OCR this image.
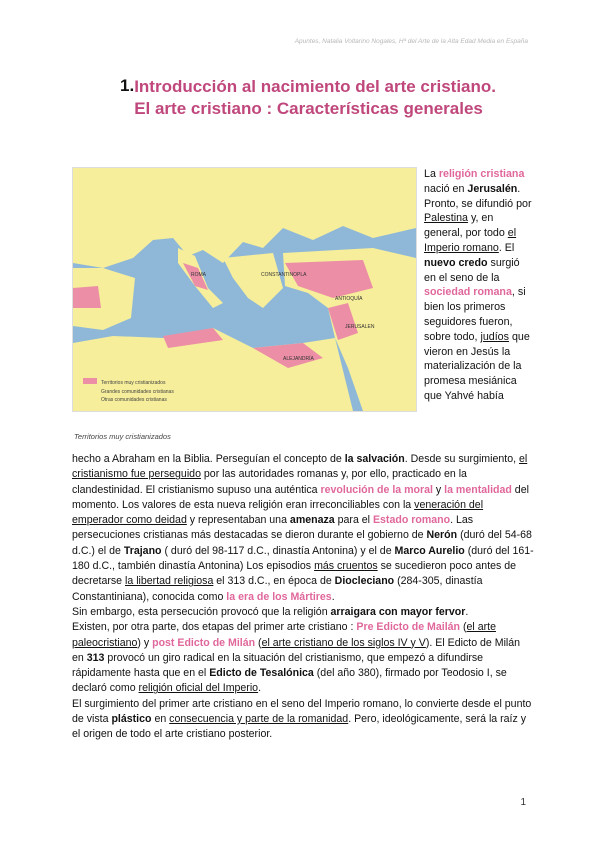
Apuntes, Natalia Voltarino Nogales, Hª del Arte de la Alta Edad Media en España
1. Introducción al nacimiento del arte cristiano. El arte cristiano : Características generales
Territorios muy cristianizados
Grandes comunidades cristianas
Otras comunidades cristianas
CONSTANTINOPLA
JERUSALEN
ALEJANDRÍA
ROMA
ANTIOQUÍA
Territorios muy cristianizados
La religión cristiana nació en Jerusalén. Pronto, se difundió por Palestina y, en general, por todo el Imperio romano. El nuevo credo surgió en el seno de la sociedad romana, si bien los primeros seguidores fueron, sobre todo, judíos que vieron en Jesús la materialización de la promesa mesiánica que Yahvé había
hecho a Abraham en la Biblia. Perseguían el concepto de la salvación. Desde su surgimiento, el cristianismo fue perseguido por las autoridades romanas y, por ello, practicado en la clandestinidad. El cristianismo supuso una auténtica revolución de la moral y la mentalidad del momento. Los valores de esta nueva religión eran irreconciliables con la veneración del emperador como deidad y representaban una amenaza para el Estado romano. Las persecuciones cristianas más destacadas se dieron durante el gobierno de Nerón (duró del 54-68 d.C.) el de Trajano ( duró del 98-117 d.C., dinastía Antonina) y el de Marco Aurelio (duró del 161-180 d.C., también dinastía Antonina) Los episodios más cruentos se sucedieron poco antes de decretarse la libertad religiosa el 313 d.C., en época de Diocleciano (284-305, dinastía Constantiniana), conocida como la era de los Mártires.
Sin embargo, esta persecución provocó que la religión arraigara con mayor fervor.
Existen, por otra parte, dos etapas del primer arte cristiano : Pre Edicto de Mailán (el arte paleocristiano) y post Edicto de Milán (el arte cristiano de los siglos IV y V). El Edicto de Milán en 313 provocó un giro radical en la situación del cristianismo, que empezó a difundirse rápidamente hasta que en el Edicto de Tesalónica (del año 380), firmado por Teodosio I, se declaró como religión oficial del Imperio.
El surgimiento del primer arte cristiano en el seno del Imperio romano, lo convierte desde el punto de vista plástico en consecuencia y parte de la romanidad. Pero, ideológicamente, será la raíz y el origen de todo el arte cristiano posterior.
1
